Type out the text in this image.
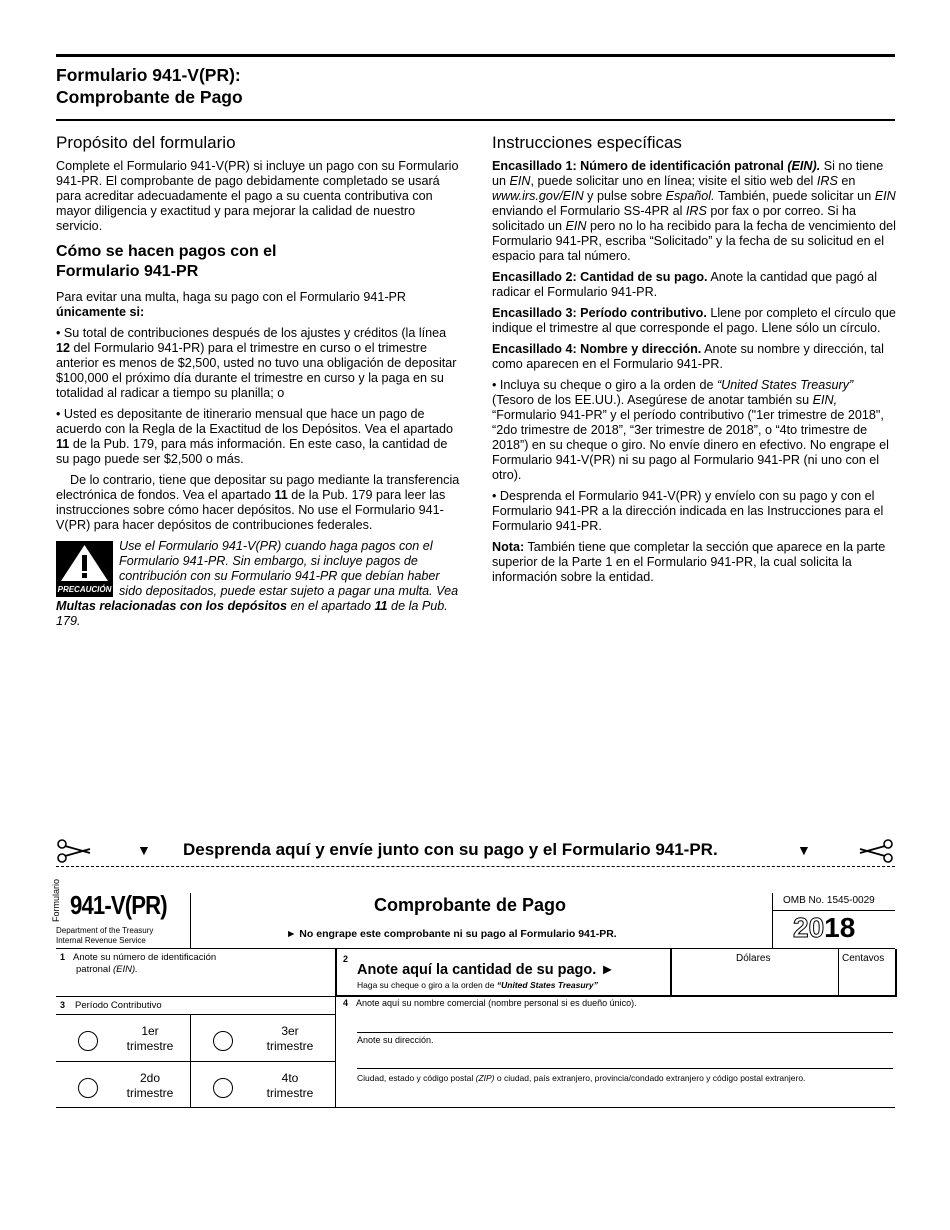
Formulario 941-V(PR):
Comprobante de Pago
Propósito del formulario

Complete el Formulario 941-V(PR) si incluye un pago con su Formulario 941-PR. El comprobante de pago debidamente completado se usará para acreditar adecuadamente el pago a su cuenta contributiva con mayor diligencia y exactitud y para mejorar la calidad de nuestro servicio.

Cómo se hacen pagos con el
Formulario 941-PR

Para evitar una multa, haga su pago con el Formulario 941-PR
únicamente si:

• Su total de contribuciones después de los ajustes y créditos (la línea 12 del Formulario 941-PR) para el trimestre en curso o el trimestre anterior es menos de $2,500, usted no tuvo una obligación de depositar $100,000 el próximo día durante el trimestre en curso y la paga en su totalidad al radicar a tiempo su planilla; o

• Usted es depositante de itinerario mensual que hace un pago de acuerdo con la Regla de la Exactitud de los Depósitos. Vea el apartado 11 de la Pub. 179, para más información. En este caso, la cantidad de su pago puede ser $2,500 o más.

De lo contrario, tiene que depositar su pago mediante la transferencia electrónica de fondos. Vea el apartado 11 de la Pub. 179 para leer las instrucciones sobre cómo hacer depósitos. No use el Formulario 941-V(PR) para hacer depósitos de contribuciones federales.

PRECAUCIÓN
Use el Formulario 941-V(PR) cuando haga pagos con el Formulario 941-PR. Sin embargo, si incluye pagos de contribución con su Formulario 941-PR que debían haber sido depositados, puede estar sujeto a pagar una multa. Vea Multas relacionadas con los depósitos en el apartado 11 de la Pub. 179.
Instrucciones específicas

Encasillado 1: Número de identificación patronal (EIN). Si no tiene un EIN, puede solicitar uno en línea; visite el sitio web del IRS en www.irs.gov/EIN y pulse sobre Español. También, puede solicitar un EIN enviando el Formulario SS-4PR al IRS por fax o por correo. Si ha solicitado un EIN pero no lo ha recibido para la fecha de vencimiento del Formulario 941-PR, escriba “Solicitado” y la fecha de su solicitud en el espacio para tal número.

Encasillado 2: Cantidad de su pago. Anote la cantidad que pagó al radicar el Formulario 941-PR.

Encasillado 3: Período contributivo. Llene por completo el círculo que indique el trimestre al que corresponde el pago. Llene sólo un círculo.

Encasillado 4: Nombre y dirección. Anote su nombre y dirección, tal como aparecen en el Formulario 941-PR.

• Incluya su cheque o giro a la orden de “United States Treasury” (Tesoro de los EE.UU.). Asegúrese de anotar también su EIN, “Formulario 941-PR” y el período contributivo ("1er trimestre de 2018", “2do trimestre de 2018”, “3er trimestre de 2018”, o “4to trimestre de 2018”) en su cheque o giro. No envíe dinero en efectivo. No engrape el Formulario 941-V(PR) ni su pago al Formulario 941-PR (ni uno con el otro).

• Desprenda el Formulario 941-V(PR) y envíelo con su pago y con el Formulario 941-PR a la dirección indicada en las Instrucciones para el Formulario 941-PR.

Nota: También tiene que completar la sección que aparece en la parte superior de la Parte 1 en el Formulario 941-PR, la cual solicita la información sobre la entidad.

▼ Desprenda aquí y envíe junto con su pago y el Formulario 941-PR.	▼
Formulario 941-V(PR)
Department of the Treasury
Internal Revenue Service
Comprobante de Pago
► No engrape este comprobante ni su pago al Formulario 941-PR.
OMB No. 1545-0029
2018
1 Anote su número de identificación
patronal (EIN).
2
Anote aquí la cantidad de su pago. ►
Haga su cheque o giro a la orden de “United States Treasury”
Dólares	Centavos
3 Período Contributivo
1er
trimestre
3er
trimestre
2do
trimestre
4to
trimestre
4 Anote aquí su nombre comercial (nombre personal si es dueño único).
Anote su dirección.
Ciudad, estado y código postal (ZIP) o ciudad, país extranjero, provincia/condado extranjero y código postal extranjero.
